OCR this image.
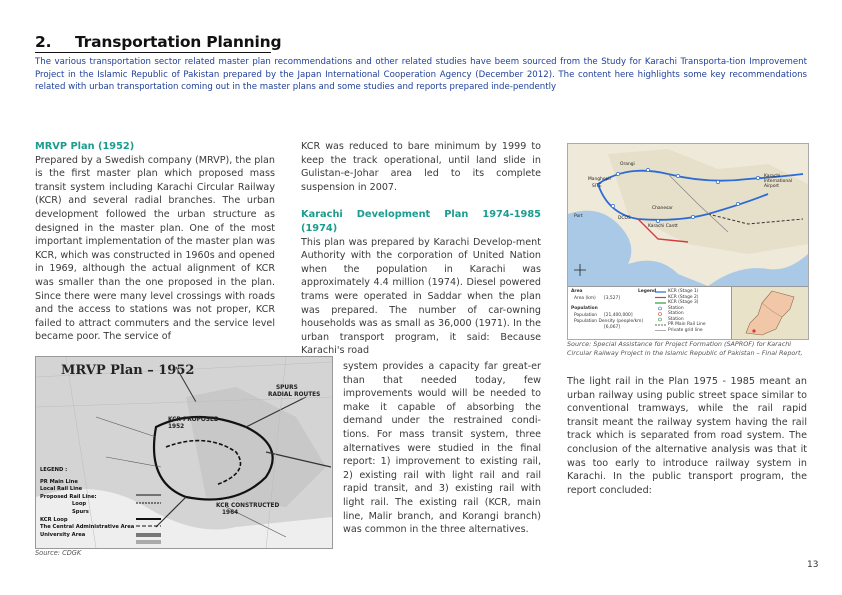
2. Transportation Planning
The various transportation sector related master plan recommendations and other related studies have beem sourced from the Study for Karachi Transporta-tion Improvement Project in the Islamic Republic of Pakistan prepared by the Japan International Cooperation Agency (December 2012). The content here highlights some key recommendations related with urban transportation coming out in the master plans and some studies and reports prepared inde-pendently
MRVP Plan (1952)
Prepared by a Swedish company (MRVP), the plan is the first master plan which proposed mass transit system including Karachi Circular Railway (KCR) and several radial branches. The urban development followed the urban structure as designed in the master plan. One of the most important implementation of the master plan was KCR, which was constructed in 1960s and opened in 1969, although the actual alignment of KCR was smaller than the one proposed in the plan. Since there were many level crossings with roads and the access to stations was not proper, KCR failed to attract commuters and the service level became poor. The service of
KCR was reduced to bare minimum by 1999 to keep the track operational, until land slide in Gulistan-e-Johar area led to its complete suspension in 2007.
Karachi Development Plan 1974-1985 (1974)
This plan was prepared by Karachi Develop-ment Authority with the corporation of United Nation when the population in Karachi was approximately 4.4 million (1974). Diesel powered trams were operated in Saddar when the plan was prepared. The number of car-owning households was as small as 36,000 (1971). In the urban transport program, it said: Because Karachi's road
system provides a capacity far great-er than that needed today, few improvements would will be needed to make it capable of absorbing the demand under the restrained condi-tions. For mass transit system, three alternatives were studied in the final report: 1) improvement to existing rail, 2) existing rail with light rail and rail rapid transit, and 3) existing rail with light rail. The existing rail (KCR, main line, Malir branch, and Korangi branch) was common in the three alternatives.
The light rail in the Plan 1975 - 1985 meant an urban railway using public street space similar to conventional tramways, while the rail rapid transit meant the railway system having the rail track which is separated from road system. The conclusion of the alternative analysis was that it was too early to introduce railway system in Karachi. In the public transport program, the report concluded:
MRVP Plan – 1952
SPURS
RADIAL ROUTES
KCR PROPOSED
1952
KCR CONSTRUCTED
1964
LEGEND :
PR Main Line
Local Rail Line
Proposed Rail Line:
Loop
Spurs
KCR Loop
The Central Administrative Area
University Area
Source: CDGK
Orangi
Manghopir
SITE
Karachi International Airport
Port
Chanesar
Karachi Cantt
DCOS
Area
Area (km) [3,527]
Population
Population [21,400,000]
Population Density (people/km)
[6,067]
Legend	KCR (Stage 1)
KCR (Stage 2)
KCR (Stage 3)
Station
Station
Station
PR Main Rail Line
Private grid line
Source: Special Assistance for Project Formation (SAPROF) for Karachi Circular Railway Project in the Islamic Republic of Pakistan – Final Report,
13
